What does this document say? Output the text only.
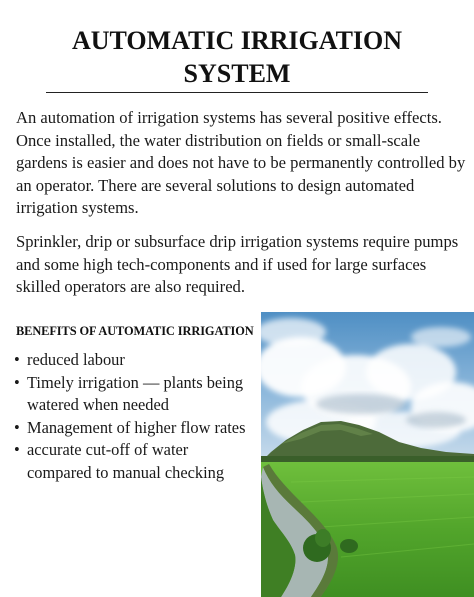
AUTOMATIC IRRIGATION
SYSTEM

An automation of irrigation systems has several positive effects. Once installed, the water distribution on fields or small-scale gardens is easier and does not have to be permanently controlled by an operator. There are several solutions to design automated irrigation systems.

Sprinkler, drip or subsurface drip irrigation systems require pumps and some high tech-components and if used for large surfaces skilled operators are also required.

BENEFITS OF AUTOMATIC IRRIGATION
• reduced labour
• Timely irrigation — plants being watered when needed
• Management of higher flow rates
• accurate cut-off of water compared to manual checking
